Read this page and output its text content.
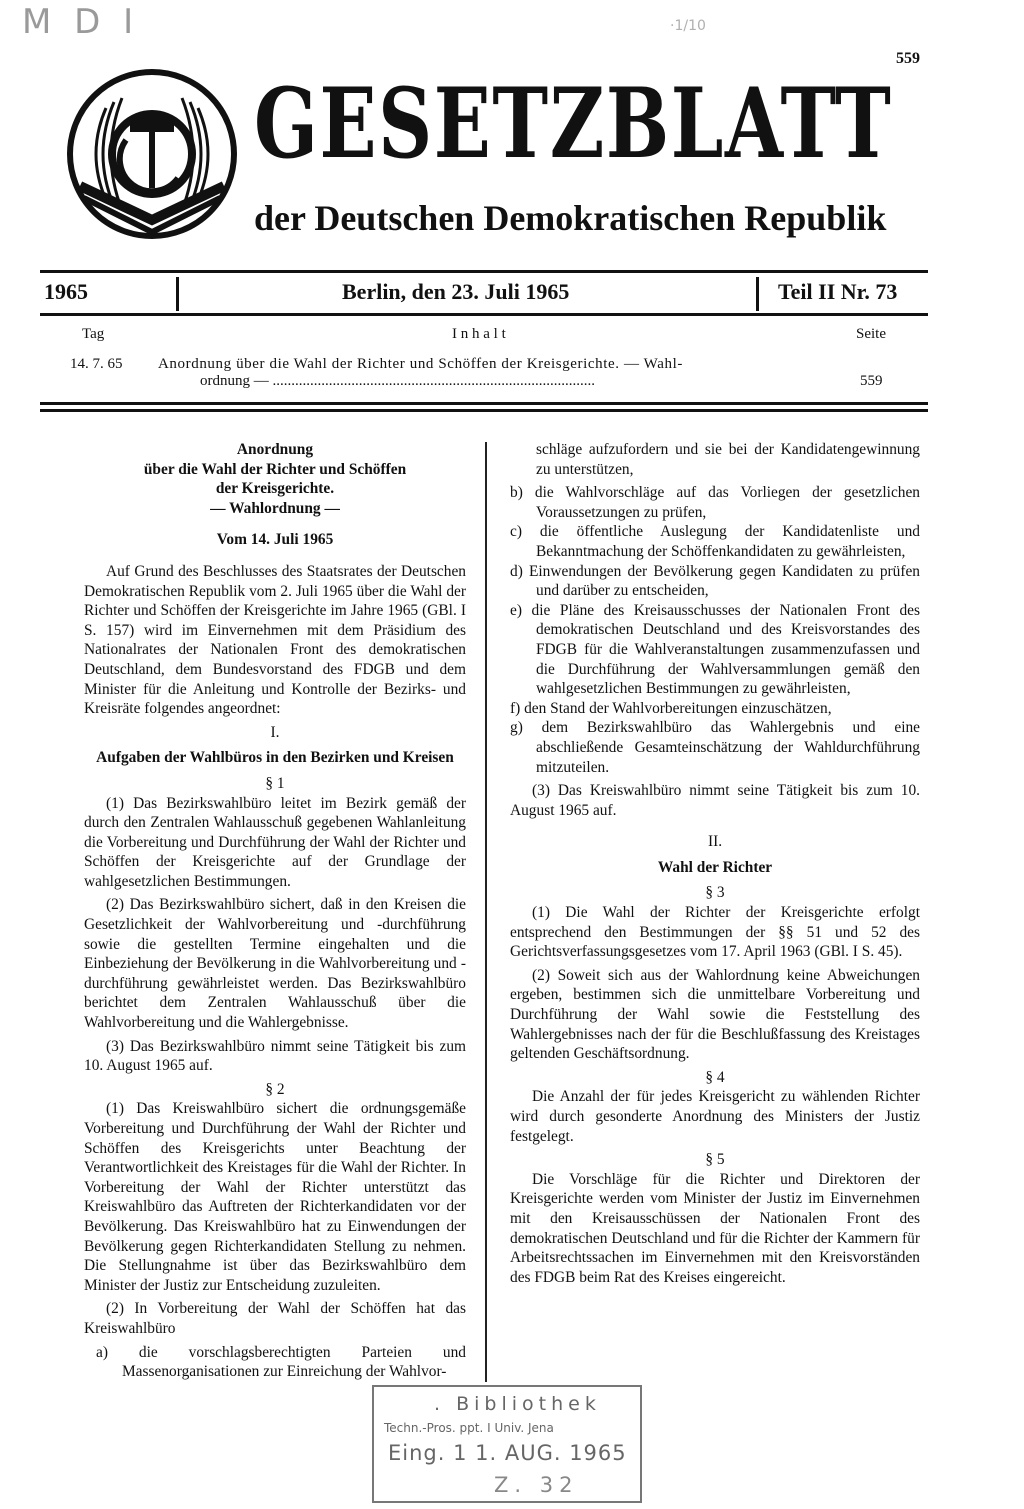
M D I	·1/10
559
GESETZBLATT
der Deutschen Demokratischen Republik
1965	Berlin, den 23. Juli 1965	Teil II Nr. 73
Tag	I n h a l t	Seite
14. 7. 65 Anordnung über die Wahl der Richter und Schöffen der Kreisgerichte. — Wahl-
ordnung — ......................................................................................	559
Anordnung
über die Wahl der Richter und Schöffen
der Kreisgerichte.
— Wahlordnung —
Vom 14. Juli 1965

Auf Grund des Beschlusses des Staatsrates der Deutschen Demokratischen Republik vom 2. Juli 1965 über die Wahl der Richter und Schöffen der Kreisgerichte im Jahre 1965 (GBl. I S. 157) wird im Einvernehmen mit dem Präsidium des Nationalrates der Nationalen Front des demokratischen Deutschland, dem Bundesvorstand des FDGB und dem Minister für die Anleitung und Kontrolle der Bezirks- und Kreisräte folgendes angeordnet:

I.
Aufgaben der Wahlbüros in den Bezirken und Kreisen
§ 1

(1) Das Bezirkswahlbüro leitet im Bezirk gemäß der durch den Zentralen Wahlausschuß gegebenen Wahlanleitung die Vorbereitung und Durchführung der Wahl der Richter und Schöffen der Kreisgerichte auf der Grundlage der wahlgesetzlichen Bestimmungen.

(2) Das Bezirkswahlbüro sichert, daß in den Kreisen die Gesetzlichkeit der Wahlvorbereitung und -durchführung sowie die gestellten Termine eingehalten und die Einbeziehung der Bevölkerung in die Wahlvorbereitung und -durchführung gewährleistet werden. Das Bezirkswahlbüro berichtet dem Zentralen Wahlausschuß über die Wahlvorbereitung und die Wahlergebnisse.

(3) Das Bezirkswahlbüro nimmt seine Tätigkeit bis zum 10. August 1965 auf.

§ 2

(1) Das Kreiswahlbüro sichert die ordnungsgemäße Vorbereitung und Durchführung der Wahl der Richter und Schöffen des Kreisgerichts unter Beachtung der Verantwortlichkeit des Kreistages für die Wahl der Richter. In Vorbereitung der Wahl der Richter unterstützt das Kreiswahlbüro das Auftreten der Richterkandidaten vor der Bevölkerung. Das Kreiswahlbüro hat zu Einwendungen der Bevölkerung gegen Richterkandidaten Stellung zu nehmen. Die Stellungnahme ist über das Bezirkswahlbüro dem Minister der Justiz zur Entscheidung zuzuleiten.

(2) In Vorbereitung der Wahl der Schöffen hat das Kreiswahlbüro

a) die vorschlagsberechtigten Parteien und Massenorganisationen zur Einreichung der Wahlvor-

schläge aufzufordern und sie bei der Kandidatengewinnung zu unterstützen,

b) die Wahlvorschläge auf das Vorliegen der gesetzlichen Voraussetzungen zu prüfen,

c) die öffentliche Auslegung der Kandidatenliste und Bekanntmachung der Schöffenkandidaten zu gewährleisten,

d) Einwendungen der Bevölkerung gegen Kandidaten zu prüfen und darüber zu entscheiden,

e) die Pläne des Kreisausschusses der Nationalen Front des demokratischen Deutschland und des Kreisvorstandes des FDGB für die Wahlveranstaltungen zusammenzufassen und die Durchführung der Wahlversammlungen gemäß den wahlgesetzlichen Bestimmungen zu gewährleisten,

f) den Stand der Wahlvorbereitungen einzuschätzen,

g) dem Bezirkswahlbüro das Wahlergebnis und eine abschließende Gesamteinschätzung der Wahldurchführung mitzuteilen.

(3) Das Kreiswahlbüro nimmt seine Tätigkeit bis zum 10. August 1965 auf.

II.
Wahl der Richter
§ 3

(1) Die Wahl der Richter der Kreisgerichte erfolgt entsprechend den Bestimmungen der §§ 51 und 52 des Gerichtsverfassungsgesetzes vom 17. April 1963 (GBl. I S. 45).

(2) Soweit sich aus der Wahlordnung keine Abweichungen ergeben, bestimmen sich die unmittelbare Vorbereitung und Durchführung der Wahl sowie die Feststellung des Wahlergebnisses nach der für die Beschlußfassung des Kreistages geltenden Geschäftsordnung.

§ 4

Die Anzahl der für jedes Kreisgericht zu wählenden Richter wird durch gesonderte Anordnung des Ministers der Justiz festgelegt.

§ 5

Die Vorschläge für die Richter und Direktoren der Kreisgerichte werden vom Minister der Justiz im Einvernehmen mit den Kreisausschüssen der Nationalen Front des demokratischen Deutschland und für die Richter der Kammern für Arbeitsrechtssachen im Einvernehmen mit den Kreisvorständen des FDGB beim Rat des Kreises eingereicht.

. Bibliothek
Techn.-Pros. ppt. I Univ. Jena
Eing. 1 1. AUG. 1965
Z. 32
